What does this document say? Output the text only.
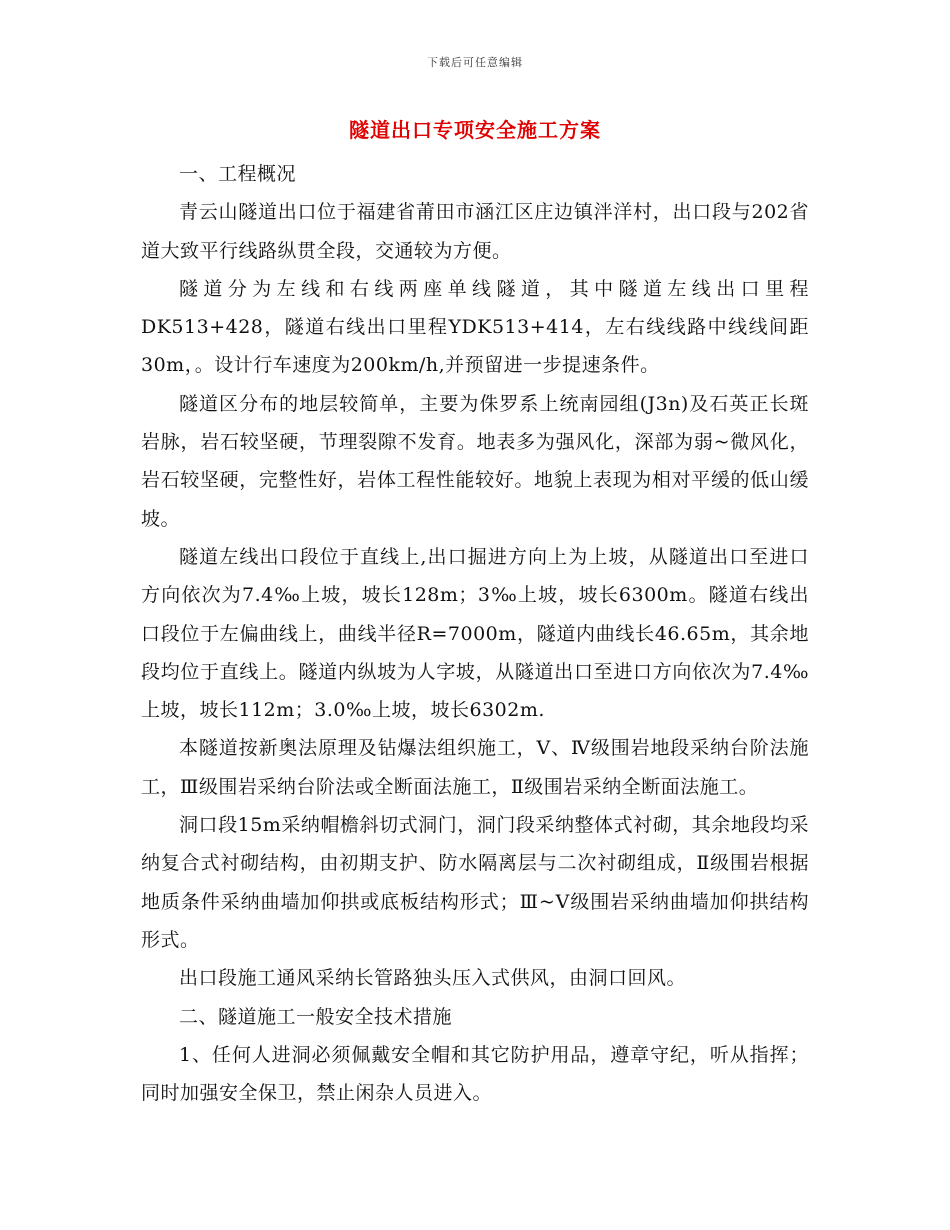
下载后可任意编辑
隧道出口专项安全施工方案

一、工程概况

青云山隧道出口位于福建省莆田市涵江区庄边镇泮洋村，出口段与202省道大致平行线路纵贯全段，交通较为方便。

隧道分为左线和右线两座单线隧道，其中隧道左线出口里程DK513+428，隧道右线出口里程YDK513+414，左右线线路中线线间距30m，。设计行车速度为200km/h,并预留进一步提速条件。

隧道区分布的地层较简单，主要为侏罗系上统南园组(J3n)及石英正长斑岩脉，岩石较坚硬，节理裂隙不发育。地表多为强风化，深部为弱~微风化，岩石较坚硬，完整性好，岩体工程性能较好。地貌上表现为相对平缓的低山缓坡。

隧道左线出口段位于直线上,出口掘进方向上为上坡，从隧道出口至进口方向依次为7.4‰上坡，坡长128m；3‰上坡，坡长6300m。隧道右线出口段位于左偏曲线上，曲线半径R=7000m，隧道内曲线长46.65m，其余地段均位于直线上。隧道内纵坡为人字坡，从隧道出口至进口方向依次为7.4‰上坡，坡长112m；3.0‰上坡，坡长6302m.

本隧道按新奥法原理及钻爆法组织施工，Ⅴ、Ⅳ级围岩地段采纳台阶法施工，Ⅲ级围岩采纳台阶法或全断面法施工，Ⅱ级围岩采纳全断面法施工。

洞口段15m采纳帽檐斜切式洞门，洞门段采纳整体式衬砌，其余地段均采纳复合式衬砌结构，由初期支护、防水隔离层与二次衬砌组成，Ⅱ级围岩根据地质条件采纳曲墙加仰拱或底板结构形式；Ⅲ~Ⅴ级围岩采纳曲墙加仰拱结构形式。

出口段施工通风采纳长管路独头压入式供风，由洞口回风。

二、隧道施工一般安全技术措施

1、任何人进洞必须佩戴安全帽和其它防护用品，遵章守纪，听从指挥；同时加强安全保卫，禁止闲杂人员进入。
